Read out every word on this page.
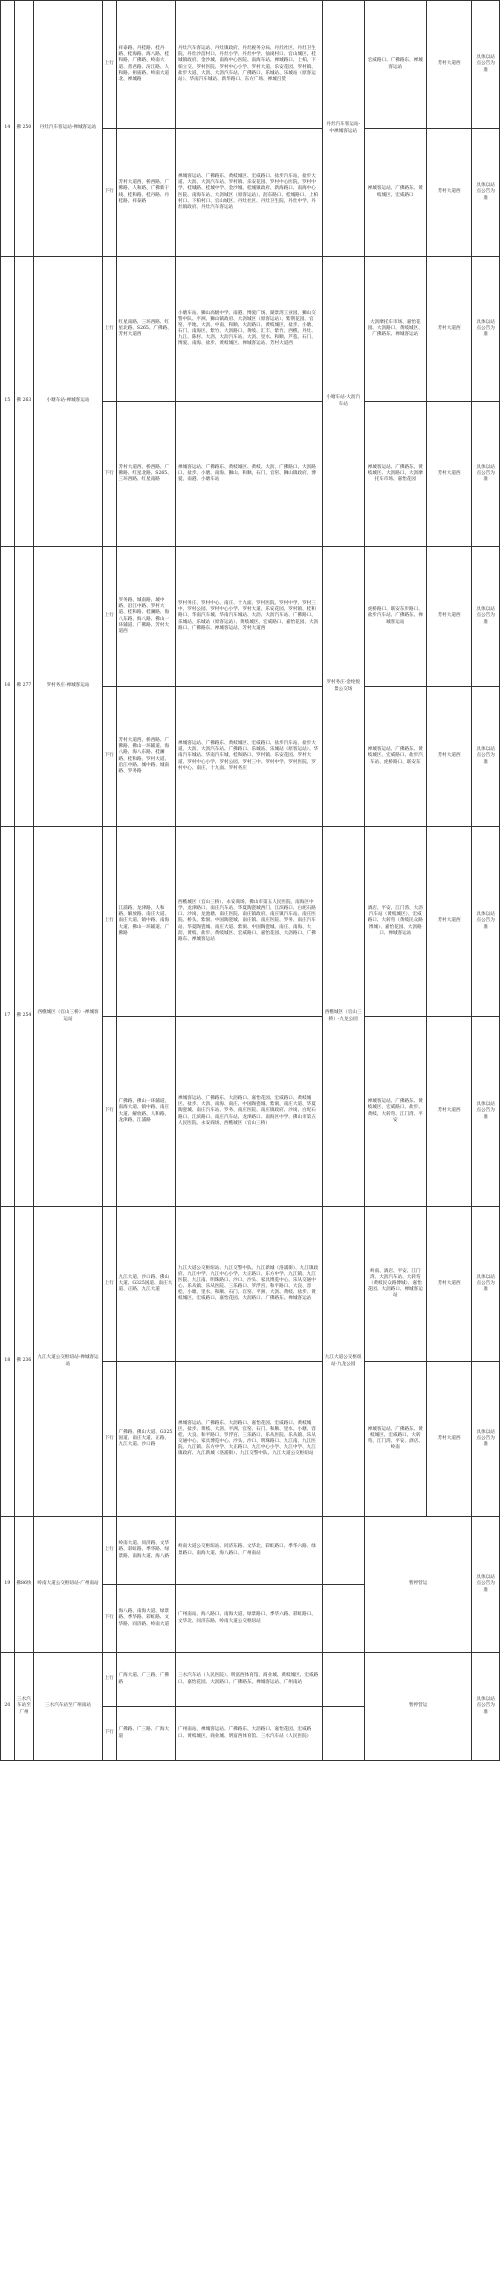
14	佛 250	丹灶汽车客运站-禅城客运站	上行	祥泰路、丹桂路、桂丹路、桂海路、海八路、桂和路、广佛路、岭南大道、普君路、汾江路、人和路、祖庙路、岭南大道北、禅城路	丹灶汽车客运站、丹灶镇政府、丹灶税务分局、丹灶社区、丹灶卫生院、丹灶沙滘村口、丹灶小学、丹灶中学、仙岗村口、官山城区、桂城镇政府、金沙城、南海中心医院、南海车站、禅城路口、上柏、下柏立交、罗村医院、罗村中心小学、罗村大道、乐安花园、罗村镇、盐步大道、大沥、大沥汽车站、广佛路口、乐城站、乐城站（原客运站）、华南汽车城站、新华路口、东方广场、禅城百货	丹灶汽车客运站-中禅城客运站	宏威路口、广佛路东、禅城客运站	芳村大道西	具体以站点公告为准
			下行	芳村大道西、桥西路、广佛路、人和路、广佛新干线、桂和路、桂丹路、丹桂路、祥泰路	禅城客运站、广佛路东、黄岐城区、宏威路口、盐步汽车站、盐步大道、大沥、大沥汽车站、罗村镇、乐安花园、罗村中心医院、罗村中学、桂城路、桂城中学、金沙城、桂城镇政府、新海路口、南海中心医院、南海车站、大沥城区（原客运站）、沥东路口、桂城路口、上柏村口、下柏村口、官山城区、丹灶社区、丹灶卫生院、丹灶中学、丹灶镇政府、丹灶汽车客运站		禅城客运站、广佛路东、黄岐城区、宏威路口	芳村大道西	具体以站点公告为准
15	佛 263	小塘车站-禅城客运站	上行	红星南路、三环西路、红星北路、S265、广佛路、芳村大道西	小塘车站、狮山高级中学、南港、博爱广场、湖景湾工业园、狮山交警中队、平洲、狮山镇政府、大沥城区（原客运站）、紫荆花园、官窑、平地、大沥、中南、和顺、大沥路口、黄岐城区、盐步、小塘、石门、南海区、紫竹、大沥路口、黄岐、汇丰、紫竹、西樵、丹灶、九江、陈村、大沥、大沥汽车站、大沥、里水、和顺、芦苞、石门、博爱、南海、盐步、黄岐城区、禅城客运站、芳村大道西	小塘车站-大沥汽车站	大沥摩托车市场、嘉怡花园、大沥路口、黄岐城区、广佛路东、禅城客运站	芳村大道西	具体以站点公告为准
			下行	芳村大道西、桥西路、广佛路、红星北路、S265、三环西路、红星南路	禅城客运站、广佛路东、黄岐城区、黄岐、大沥、广佛路口、大沥路口、盐步、小塘、南海、狮山、和顺、石门、官窑、狮山镇政府、博爱、南港、小塘车站		禅城客运站、广佛路东、黄岐城区、大沥路口、大沥摩托车市场、嘉怡花园	芳村大道西	具体以站点公告为准
16	佛 277	罗村务庄-禅城客运站	上行	罗务路、城南路、城中路、沿江中路、罗村大道、桂和路、桂澜路、海八东路、海八路、佛山一环辅道、广佛路、芳村大道西	罗村务庄、罗村中心、南庄、十九面、罗村医院、罗村中学、罗村三中、罗村公园、罗村中心小学、罗村大道、乐安花园、罗村镇、桂和路口、华南汽车城、华南汽车城站、大沥、大沥汽车站、广佛路口、乐城站、乐城站（原客运站）、黄岐城区、宏威路口、嘉怡花园、大沥路口、广佛路东、禅城客运站、芳村大道西	罗村务庄-金纶悦景公交场	虎桥路口、联安东步路口、盐步汽车站、广佛路东、禅城客运站	芳村大道西	具体以站点公告为准
			下行	芳村大道西、桥西路、广佛路、佛山一环辅道、海八路、海八东路、桂澜路、桂和路、罗村大道、沿江中路、城中路、城南路、罗务路	禅城客运站、广佛路东、黄岐城区、宏威路口、盐步汽车站、盐步大道、大沥、大沥汽车站、广佛路口、乐城站、乐城站（原客运站）、华南汽车城站、华南汽车城、桂和路口、罗村镇、乐安花园、罗村大道、罗村中心小学、罗村公园、罗村三中、罗村中学、罗村医院、罗村中心、南庄、十九面、罗村务庄		禅城客运站、广佛路东、黄岐城区、宏威路口、盐步汽车站、虎桥路口、联安东	芳村大道西	具体以站点公告为准
17	佛 254	西樵城区（官山三桥）-禅城客运站	上行	江浦路、龙津路、人和路、解放路、南庄大道、南庄大道、镇中路、南海大道、佛山一环辅道、广佛路	西樵城区（官山三桥）、永安商场、佛山市第五人民医院、南海区中学、龙津路口、南庄汽车站、华夏陶瓷城西门、江滨路口、白坭石路口、沙岗、龙池塘、南庄医院、南庄镇政府、南庄镇汽车站、南庄医院、桥头、紫洞、中国陶瓷城、南庄镇、南庄医院、罗务、南庄汽车站、华夏陶瓷城、南庄大道、紫洞、中国陶瓷城、南庄、南海、大沥、黄岐、盐步、黄岐城区、宏威路口、嘉怡花园、大沥路口、广佛路东、禅城客运站	西樵城区（官山三桥）-九龙公园	酒店、平安、江门湾、大沥汽车站（黄岐城区）、宏威路口、大转弯（黄岐民众路博城）、嘉怡花园、大沥路口、禅城客运站	芳村大道西	具体以站点公告为准
			下行	广佛路、佛山一环辅道、南海大道、镇中路、南庄大道、解放路、人和路、龙津路、江浦路	禅城客运站、广佛路东、大沥路口、嘉怡花园、宏威路口、黄岐城区、盐步、大沥、南海、南庄、中国陶瓷城、紫洞、南庄大道、华夏陶瓷城、南庄汽车站、罗务、南庄医院、南庄镇政府、沙岗、白坭石路口、江滨路口、南庄汽车站、龙津路口、南海区中学、佛山市第五人民医院、永安商场、西樵城区（官山三桥）		禅城客运站、广佛路东、黄岐城区、宏威路口、盐步、黄岐、大转弯、江门湾、平安	芳村大道西	具体以站点公告为准
18	佛 236	九江大道公交枢纽站-禅城客运站	上行	九江大道、沙口路、佛山大道、G325国道、南庄大道、正路、九江大道	九江大道公交枢纽站、九江交警中队、九江新城（洛浦街）、九江镇政府、九江中学、九江中心小学、大正路口、东方中学、九江镇、九江医院、九江南、明珠路口、沙口、沙头、家具博览中心、乐从交通中心、乐从镇、乐从医院、三乐路口、罗浮宫、和平路口、大良、容桂、小塘、里水、和顺、石门、官窑、平洲、大沥、黄岐、盐步、黄岐城区、宏威路口、嘉怡花园、大沥路口、广佛路东、禅城客运站	九江大道公交枢纽站-九龙公园	岭南、酒店、平安、江门湾、大沥汽车站、大转弯（黄岐民众路博城）、嘉怡花园、大沥路口、禅城客运站	芳村大道西	具体以站点公告为准
			下行	广佛路、佛山大道、G325国道、南庄大道、正路、九江大道、沙口路	禅城客运站、广佛路东、大沥路口、嘉怡花园、宏威路口、黄岐城区、盐步、黄岐、大沥、平洲、官窑、石门、和顺、里水、小塘、容桂、大良、和平路口、罗浮宫、三乐路口、乐从医院、乐从镇、乐从交通中心、家具博览中心、沙头、沙口、明珠路口、九江南、九江医院、九江镇、东方中学、大正路口、九江中心小学、九江中学、九江镇政府、九江新城（洛浦街）、九江交警中队、九江大道公交枢纽站		禅城客运站、广佛路东、黄岐城区、宏威路口、大转弯、江门湾、平安、酒店、岭南	芳村大道西	具体以站点公告为准
19	佛86快	岭南大道公交枢纽站-广州南站	上行	岭南大道、同济路、文华路、彩虹路、季华路、绿景路、南海大道、海八路	岭南大道公交枢纽站、同济东路、文华北、彩虹路口、季华六路、绿景路口、南海大道、海八路口、广州南站		暂停营运		具体以站点公告为准
			下行	海八路、南海大道、绿景路、季华路、彩虹路、文华路、同济路、岭南大道	广州南站、海八路口、南海大道、绿景路口、季华六路、彩虹路口、文华北、同济东路、岭南大道公交枢纽站				
20	三水汽车站至广州	三水汽车站至广州南站	上行	广海大道、广三路、广佛路	三水汽车站（人民医院）、明富西体育馆、商业城、黄岐城区、宏威路口、嘉怡花园、大沥路口、广佛路东、禅城客运站、广州南站		暂停营运		具体以站点公告为准
			下行	广佛路、广三路、广海大道	广州南站、禅城客运站、广佛路东、大沥路口、嘉怡花园、宏威路口、黄岐城区、商业城、明富西体育馆、三水汽车站（人民医院）				
